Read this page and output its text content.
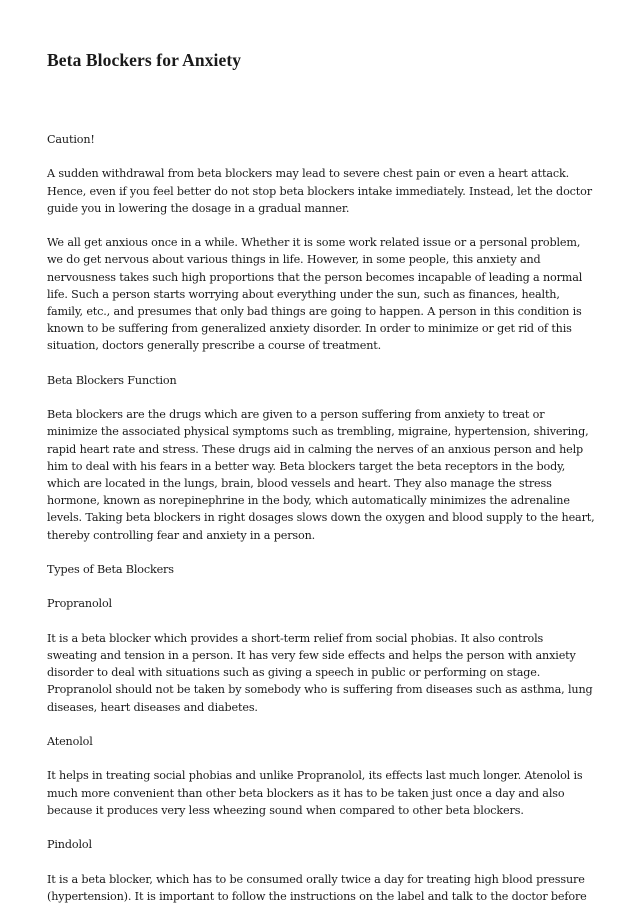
Beta Blockers for Anxiety

Caution!

A sudden withdrawal from beta blockers may lead to severe chest pain or even a heart attack. Hence, even if you feel better do not stop beta blockers intake immediately. Instead, let the doctor guide you in lowering the dosage in a gradual manner.

We all get anxious once in a while. Whether it is some work related issue or a personal problem, we do get nervous about various things in life. However, in some people, this anxiety and nervousness takes such high proportions that the person becomes incapable of leading a normal life. Such a person starts worrying about everything under the sun, such as finances, health, family, etc., and presumes that only bad things are going to happen. A person in this condition is known to be suffering from generalized anxiety disorder. In order to minimize or get rid of this situation, doctors generally prescribe a course of treatment.

Beta Blockers Function

Beta blockers are the drugs which are given to a person suffering from anxiety to treat or minimize the associated physical symptoms such as trembling, migraine, hypertension, shivering, rapid heart rate and stress. These drugs aid in calming the nerves of an anxious person and help him to deal with his fears in a better way. Beta blockers target the beta receptors in the body, which are located in the lungs, brain, blood vessels and heart. They also manage the stress hormone, known as norepinephrine in the body, which automatically minimizes the adrenaline levels. Taking beta blockers in right dosages slows down the oxygen and blood supply to the heart, thereby controlling fear and anxiety in a person.

Types of Beta Blockers

Propranolol

It is a beta blocker which provides a short-term relief from social phobias. It also controls sweating and tension in a person. It has very few side effects and helps the person with anxiety disorder to deal with situations such as giving a speech in public or performing on stage. Propranolol should not be taken by somebody who is suffering from diseases such as asthma, lung diseases, heart diseases and diabetes.

Atenolol

It helps in treating social phobias and unlike Propranolol, its effects last much longer. Atenolol is much more convenient than other beta blockers as it has to be taken just once a day and also because it produces very less wheezing sound when compared to other beta blockers.

Pindolol

It is a beta blocker, which has to be consumed orally twice a day for treating high blood pressure (hypertension). It is important to follow the instructions on the label and talk to the doctor before
